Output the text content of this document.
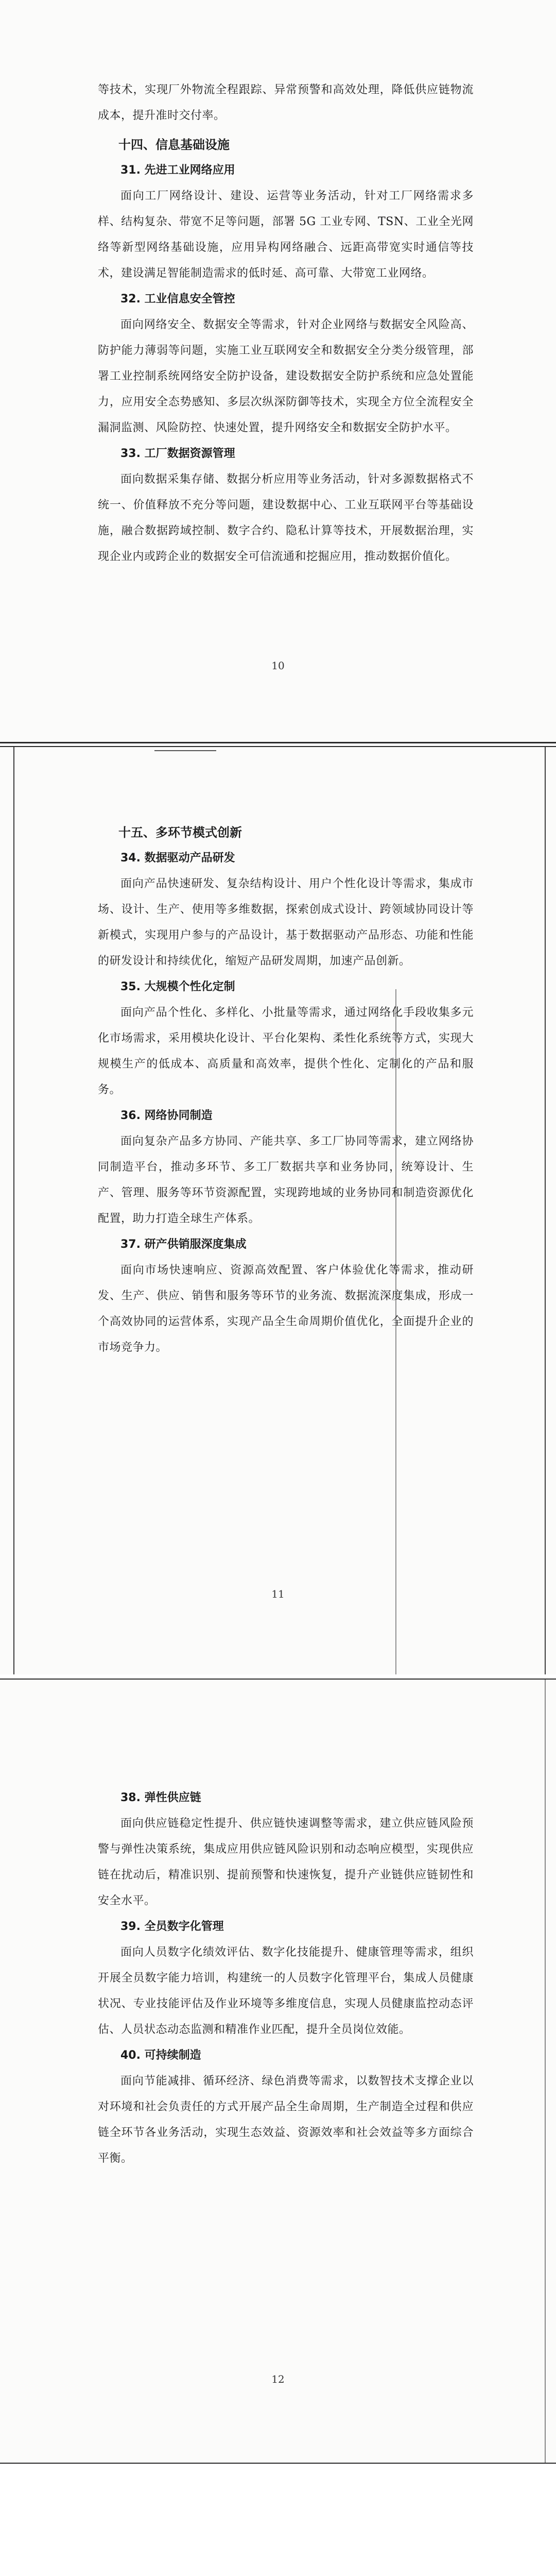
等技术，实现厂外物流全程跟踪、异常预警和高效处理，降低供应链物流成本，提升准时交付率。

十四、信息基础设施
31. 先进工业网络应用

面向工厂网络设计、建设、运营等业务活动，针对工厂网络需求多样、结构复杂、带宽不足等问题，部署 5G 工业专网、TSN、工业全光网络等新型网络基础设施，应用异构网络融合、远距高带宽实时通信等技术，建设满足智能制造需求的低时延、高可靠、大带宽工业网络。

32. 工业信息安全管控

面向网络安全、数据安全等需求，针对企业网络与数据安全风险高、防护能力薄弱等问题，实施工业互联网安全和数据安全分类分级管理，部署工业控制系统网络安全防护设备，建设数据安全防护系统和应急处置能力，应用安全态势感知、多层次纵深防御等技术，实现全方位全流程安全漏洞监测、风险防控、快速处置，提升网络安全和数据安全防护水平。

33. 工厂数据资源管理

面向数据采集存储、数据分析应用等业务活动，针对多源数据格式不统一、价值释放不充分等问题，建设数据中心、工业互联网平台等基础设施，融合数据跨域控制、数字合约、隐私计算等技术，开展数据治理，实现企业内或跨企业的数据安全可信流通和挖掘应用，推动数据价值化。

10
十五、多环节模式创新
34. 数据驱动产品研发

面向产品快速研发、复杂结构设计、用户个性化设计等需求，集成市场、设计、生产、使用等多维数据，探索创成式设计、跨领域协同设计等新模式，实现用户参与的产品设计，基于数据驱动产品形态、功能和性能的研发设计和持续优化，缩短产品研发周期，加速产品创新。

35. 大规模个性化定制

面向产品个性化、多样化、小批量等需求，通过网络化手段收集多元化市场需求，采用模块化设计、平台化架构、柔性化系统等方式，实现大规模生产的低成本、高质量和高效率，提供个性化、定制化的产品和服务。

36. 网络协同制造

面向复杂产品多方协同、产能共享、多工厂协同等需求，建立网络协同制造平台，推动多环节、多工厂数据共享和业务协同，统筹设计、生产、管理、服务等环节资源配置，实现跨地域的业务协同和制造资源优化配置，助力打造全球生产体系。

37. 研产供销服深度集成

面向市场快速响应、资源高效配置、客户体验优化等需求，推动研发、生产、供应、销售和服务等环节的业务流、数据流深度集成，形成一个高效协同的运营体系，实现产品全生命周期价值优化，全面提升企业的市场竞争力。

11
38. 弹性供应链

面向供应链稳定性提升、供应链快速调整等需求，建立供应链风险预警与弹性决策系统，集成应用供应链风险识别和动态响应模型，实现供应链在扰动后，精准识别、提前预警和快速恢复，提升产业链供应链韧性和安全水平。

39. 全员数字化管理

面向人员数字化绩效评估、数字化技能提升、健康管理等需求，组织开展全员数字能力培训，构建统一的人员数字化管理平台，集成人员健康状况、专业技能评估及作业环境等多维度信息，实现人员健康监控动态评估、人员状态动态监测和精准作业匹配，提升全员岗位效能。

40. 可持续制造

面向节能减排、循环经济、绿色消费等需求，以数智技术支撑企业以对环境和社会负责任的方式开展产品全生命周期，生产制造全过程和供应链全环节各业务活动，实现生态效益、资源效率和社会效益等多方面综合平衡。

12
